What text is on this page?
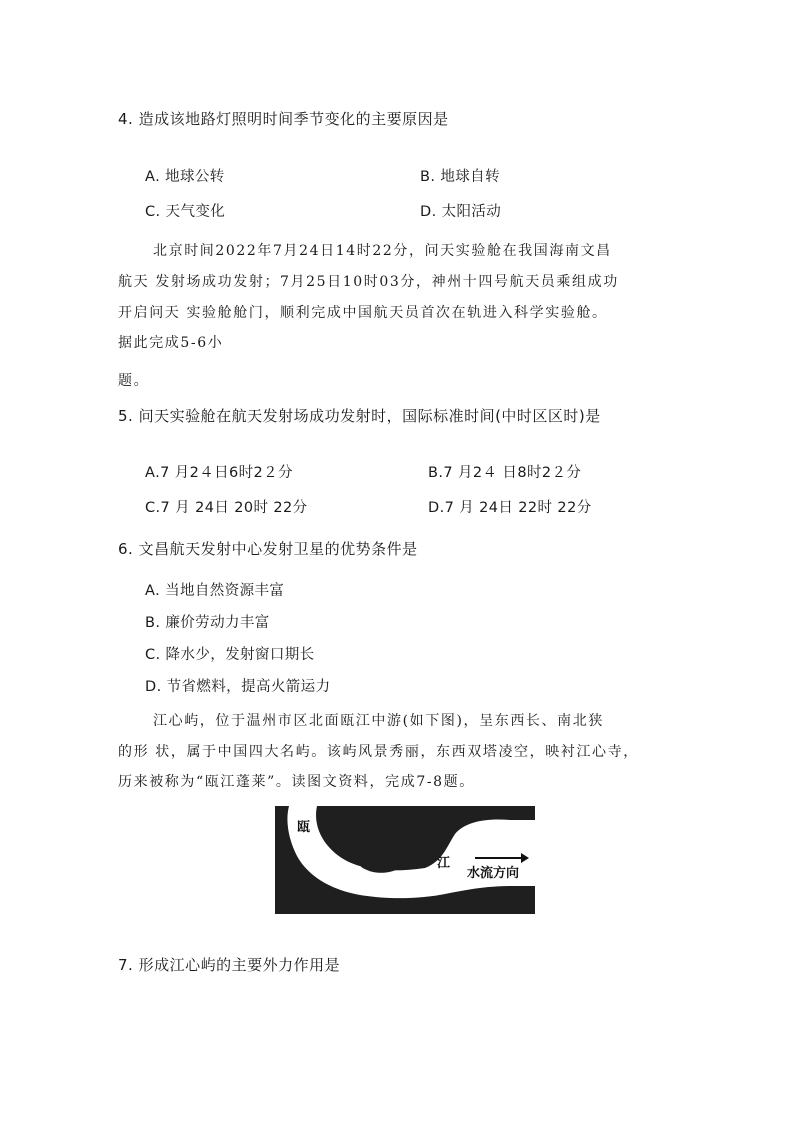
4. 造成该地路灯照明时间季节变化的主要原因是
A. 地球公转	B. 地球自转
C. 天气变化	D. 太阳活动
北京时间2022年7月24日14时22分，问天实验舱在我国海南文昌
航天 发射场成功发射；7月25日10时03分，神州十四号航天员乘组成功
开启问天 实验舱舱门，顺利完成中国航天员首次在轨进入科学实验舱。
据此完成5-6小
题。
5. 问天实验舱在航天发射场成功发射时，国际标准时间(中时区区时)是
A.7 月2４日6时2２分	B.7 月2４ 日8时2２分
C.7 月 24日 20时 22分	D.7 月 24日 22时 22分
6. 文昌航天发射中心发射卫星的优势条件是
A. 当地自然资源丰富
B. 廉价劳动力丰富
C. 降水少，发射窗口期长
D. 节省燃料，提高火箭运力
江心屿，位于温州市区北面瓯江中游(如下图)，呈东西长、南北狭
的形 状，属于中国四大名屿。该屿风景秀丽，东西双塔凌空，映衬江心寺，
历来被称为“瓯江蓬莱”。读图文资料，完成7-8题。
瓯
江
水流方向
7. 形成江心屿的主要外力作用是
